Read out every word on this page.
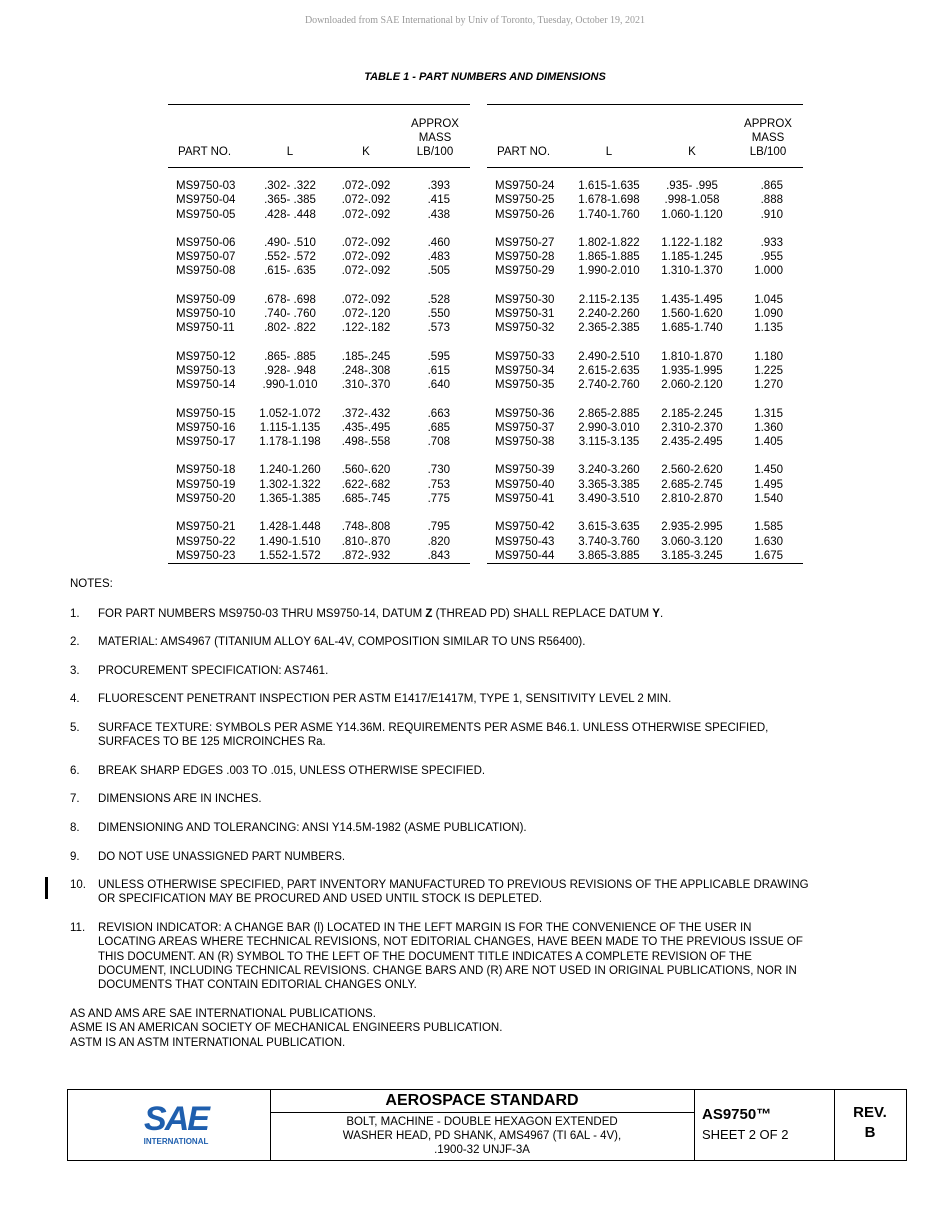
Downloaded from SAE International by Univ of Toronto, Tuesday, October 19, 2021
TABLE 1 - PART NUMBERS AND DIMENSIONS
PART NO.	L	K
APPROX
MASS
LB/100
MS9750-03	.302- .322	.072-.092	.393
MS9750-04	.365- .385	.072-.092	.415
MS9750-05	.428- .448	.072-.092	.438
MS9750-06	.490- .510	.072-.092	.460
MS9750-07	.552- .572	.072-.092	.483
MS9750-08	.615- .635	.072-.092	.505
MS9750-09	.678- .698	.072-.092	.528
MS9750-10	.740- .760	.072-.120	.550
MS9750-11	.802- .822	.122-.182	.573
MS9750-12	.865- .885	.185-.245	.595
MS9750-13	.928- .948	.248-.308	.615
MS9750-14	.990-1.010	.310-.370	.640
MS9750-15	1.052-1.072	.372-.432	.663
MS9750-16	1.115-1.135	.435-.495	.685
MS9750-17	1.178-1.198	.498-.558	.708
MS9750-18	1.240-1.260	.560-.620	.730
MS9750-19	1.302-1.322	.622-.682	.753
MS9750-20	1.365-1.385	.685-.745	.775
MS9750-21	1.428-1.448	.748-.808	.795
MS9750-22	1.490-1.510	.810-.870	.820
MS9750-23	1.552-1.572	.872-.932	.843
PART NO.	L	K
APPROX
MASS
LB/100
MS9750-24	1.615-1.635	.935- .995	.865
MS9750-25	1.678-1.698	.998-1.058	.888
MS9750-26	1.740-1.760	1.060-1.120	.910
MS9750-27	1.802-1.822	1.122-1.182	.933
MS9750-28	1.865-1.885	1.185-1.245	.955
MS9750-29	1.990-2.010	1.310-1.370	1.000
MS9750-30	2.115-2.135	1.435-1.495	1.045
MS9750-31	2.240-2.260	1.560-1.620	1.090
MS9750-32	2.365-2.385	1.685-1.740	1.135
MS9750-33	2.490-2.510	1.810-1.870	1.180
MS9750-34	2.615-2.635	1.935-1.995	1.225
MS9750-35	2.740-2.760	2.060-2.120	1.270
MS9750-36	2.865-2.885	2.185-2.245	1.315
MS9750-37	2.990-3.010	2.310-2.370	1.360
MS9750-38	3.115-3.135	2.435-2.495	1.405
MS9750-39	3.240-3.260	2.560-2.620	1.450
MS9750-40	3.365-3.385	2.685-2.745	1.495
MS9750-41	3.490-3.510	2.810-2.870	1.540
MS9750-42	3.615-3.635	2.935-2.995	1.585
MS9750-43	3.740-3.760	3.060-3.120	1.630
MS9750-44	3.865-3.885	3.185-3.245	1.675
NOTES:
1. FOR PART NUMBERS MS9750-03 THRU MS9750-14, DATUM Z (THREAD PD) SHALL REPLACE DATUM Y.
2. MATERIAL: AMS4967 (TITANIUM ALLOY 6AL-4V, COMPOSITION SIMILAR TO UNS R56400).
3. PROCUREMENT SPECIFICATION: AS7461.
4. FLUORESCENT PENETRANT INSPECTION PER ASTM E1417/E1417M, TYPE 1, SENSITIVITY LEVEL 2 MIN.
5. SURFACE TEXTURE: SYMBOLS PER ASME Y14.36M. REQUIREMENTS PER ASME B46.1. UNLESS OTHERWISE SPECIFIED,
SURFACES TO BE 125 MICROINCHES Ra.
6. BREAK SHARP EDGES .003 TO .015, UNLESS OTHERWISE SPECIFIED.
7. DIMENSIONS ARE IN INCHES.
8. DIMENSIONING AND TOLERANCING: ANSI Y14.5M-1982 (ASME PUBLICATION).
9. DO NOT USE UNASSIGNED PART NUMBERS.
10. UNLESS OTHERWISE SPECIFIED, PART INVENTORY MANUFACTURED TO PREVIOUS REVISIONS OF THE APPLICABLE DRAWING
OR SPECIFICATION MAY BE PROCURED AND USED UNTIL STOCK IS DEPLETED.
11. REVISION INDICATOR: A CHANGE BAR (l) LOCATED IN THE LEFT MARGIN IS FOR THE CONVENIENCE OF THE USER IN
LOCATING AREAS WHERE TECHNICAL REVISIONS, NOT EDITORIAL CHANGES, HAVE BEEN MADE TO THE PREVIOUS ISSUE OF
THIS DOCUMENT. AN (R) SYMBOL TO THE LEFT OF THE DOCUMENT TITLE INDICATES A COMPLETE REVISION OF THE
DOCUMENT, INCLUDING TECHNICAL REVISIONS. CHANGE BARS AND (R) ARE NOT USED IN ORIGINAL PUBLICATIONS, NOR IN
DOCUMENTS THAT CONTAIN EDITORIAL CHANGES ONLY.
AS AND AMS ARE SAE INTERNATIONAL PUBLICATIONS.
ASME IS AN AMERICAN SOCIETY OF MECHANICAL ENGINEERS PUBLICATION.
ASTM IS AN ASTM INTERNATIONAL PUBLICATION.
SAE
INTERNATIONAL
AEROSPACE STANDARD
BOLT, MACHINE - DOUBLE HEXAGON EXTENDED
WASHER HEAD, PD SHANK, AMS4967 (TI 6AL - 4V),
.1900-32 UNJF-3A
AS9750™
SHEET 2 OF 2
REV.
B
